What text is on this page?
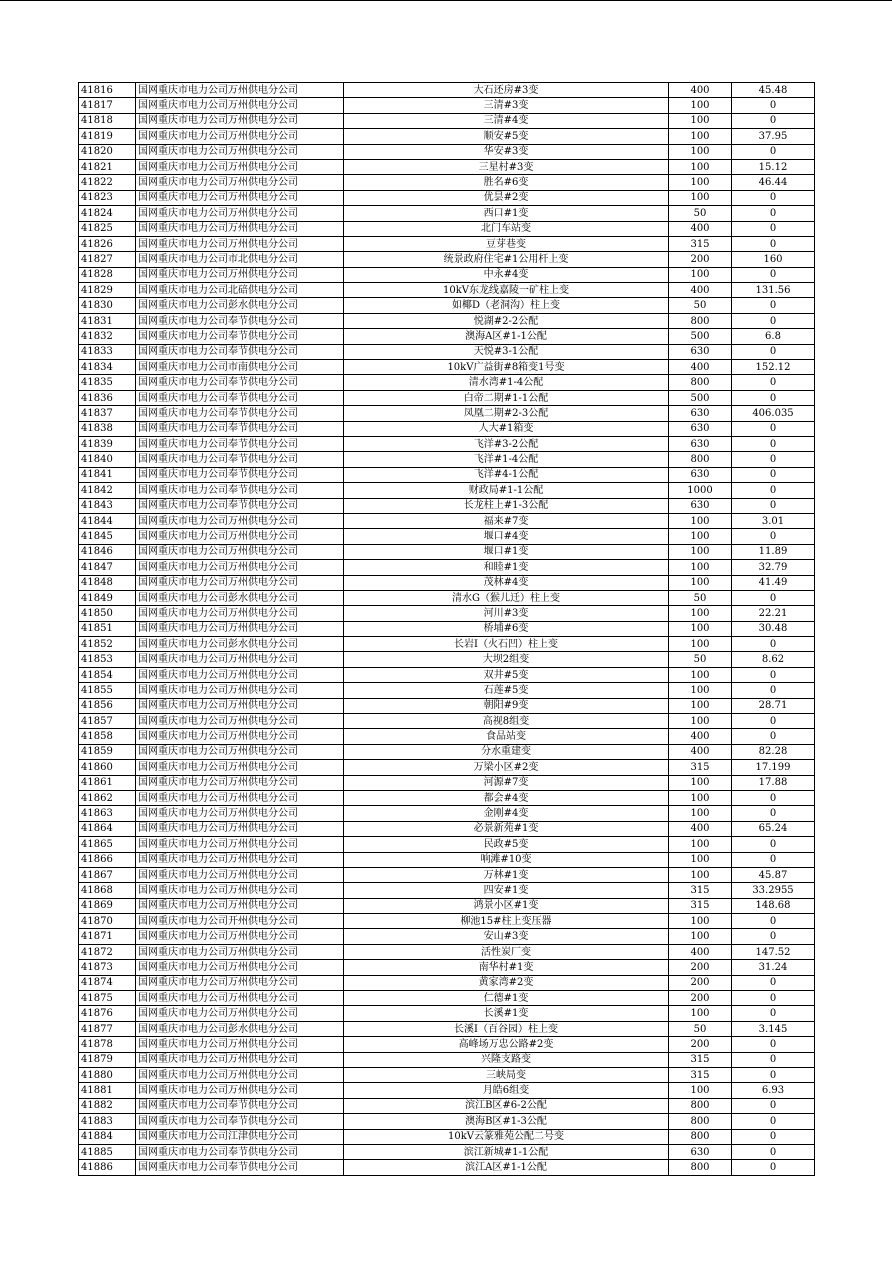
41816	国网重庆市电力公司万州供电分公司	大石还房#3变	400	45.48
41817	国网重庆市电力公司万州供电分公司	三清#3变	100	0
41818	国网重庆市电力公司万州供电分公司	三清#4变	100	0
41819	国网重庆市电力公司万州供电分公司	顺安#5变	100	37.95
41820	国网重庆市电力公司万州供电分公司	华安#3变	100	0
41821	国网重庆市电力公司万州供电分公司	三星村#3变	100	15.12
41822	国网重庆市电力公司万州供电分公司	胜名#6变	100	46.44
41823	国网重庆市电力公司万州供电分公司	优昙#2变	100	0
41824	国网重庆市电力公司万州供电分公司	西口#1变	50	0
41825	国网重庆市电力公司万州供电分公司	北门车站变	400	0
41826	国网重庆市电力公司万州供电分公司	豆芽巷变	315	0
41827	国网重庆市电力公司市北供电分公司	统景政府住宅#1公用杆上变	200	160
41828	国网重庆市电力公司万州供电分公司	中永#4变	100	0
41829	国网重庆市电力公司北碚供电分公司	10kV东龙线嘉陵一矿柱上变	400	131.56
41830	国网重庆市电力公司彭水供电分公司	如椰D（老洞沟）柱上变	50	0
41831	国网重庆市电力公司奉节供电分公司	悦湖#2-2公配	800	0
41832	国网重庆市电力公司奉节供电分公司	澳海A区#1-1公配	500	6.8
41833	国网重庆市电力公司奉节供电分公司	天悦#3-1公配	630	0
41834	国网重庆市电力公司市南供电分公司	10kV广益街#8箱变1号变	400	152.12
41835	国网重庆市电力公司奉节供电分公司	清水湾#1-4公配	800	0
41836	国网重庆市电力公司奉节供电分公司	白帝二期#1-1公配	500	0
41837	国网重庆市电力公司奉节供电分公司	凤凰二期#2-3公配	630	406.035
41838	国网重庆市电力公司奉节供电分公司	人大#1箱变	630	0
41839	国网重庆市电力公司奉节供电分公司	飞洋#3-2公配	630	0
41840	国网重庆市电力公司奉节供电分公司	飞洋#1-4公配	800	0
41841	国网重庆市电力公司奉节供电分公司	飞洋#4-1公配	630	0
41842	国网重庆市电力公司奉节供电分公司	财政局#1-1公配	1000	0
41843	国网重庆市电力公司奉节供电分公司	长龙柱上#1-3公配	630	0
41844	国网重庆市电力公司万州供电分公司	福来#7变	100	3.01
41845	国网重庆市电力公司万州供电分公司	堰口#4变	100	0
41846	国网重庆市电力公司万州供电分公司	堰口#1变	100	11.89
41847	国网重庆市电力公司万州供电分公司	和睦#1变	100	32.79
41848	国网重庆市电力公司万州供电分公司	茂林#4变	100	41.49
41849	国网重庆市电力公司彭水供电分公司	清水G（猴儿迁）柱上变	50	0
41850	国网重庆市电力公司万州供电分公司	河川#3变	100	22.21
41851	国网重庆市电力公司万州供电分公司	桥埔#6变	100	30.48
41852	国网重庆市电力公司彭水供电分公司	长岩I（火石凹）柱上变	100	0
41853	国网重庆市电力公司万州供电分公司	大坝2组变	50	8.62
41854	国网重庆市电力公司万州供电分公司	双井#5变	100	0
41855	国网重庆市电力公司万州供电分公司	石莲#5变	100	0
41856	国网重庆市电力公司万州供电分公司	朝阳#9变	100	28.71
41857	国网重庆市电力公司万州供电分公司	高视8组变	100	0
41858	国网重庆市电力公司万州供电分公司	食品站变	400	0
41859	国网重庆市电力公司万州供电分公司	分水重建变	400	82.28
41860	国网重庆市电力公司万州供电分公司	万梁小区#2变	315	17.199
41861	国网重庆市电力公司万州供电分公司	河源#7变	100	17.88
41862	国网重庆市电力公司万州供电分公司	都会#4变	100	0
41863	国网重庆市电力公司万州供电分公司	金刚#4变	100	0
41864	国网重庆市电力公司万州供电分公司	必景新苑#1变	400	65.24
41865	国网重庆市电力公司万州供电分公司	民政#5变	100	0
41866	国网重庆市电力公司万州供电分公司	响滩#10变	100	0
41867	国网重庆市电力公司万州供电分公司	万林#1变	100	45.87
41868	国网重庆市电力公司万州供电分公司	四安#1变	315	33.2955
41869	国网重庆市电力公司万州供电分公司	鸿景小区#1变	315	148.68
41870	国网重庆市电力公司开州供电分公司	柳池15#柱上变压器	100	0
41871	国网重庆市电力公司万州供电分公司	安山#3变	100	0
41872	国网重庆市电力公司万州供电分公司	活性炭厂变	400	147.52
41873	国网重庆市电力公司万州供电分公司	南华村#1变	200	31.24
41874	国网重庆市电力公司万州供电分公司	黄家湾#2变	200	0
41875	国网重庆市电力公司万州供电分公司	仁德#1变	200	0
41876	国网重庆市电力公司万州供电分公司	长溪#1变	100	0
41877	国网重庆市电力公司彭水供电分公司	长溪I（百谷园）柱上变	50	3.145
41878	国网重庆市电力公司万州供电分公司	高峰场万忠公路#2变	200	0
41879	国网重庆市电力公司万州供电分公司	兴隆支路变	315	0
41880	国网重庆市电力公司万州供电分公司	三峡局变	315	0
41881	国网重庆市电力公司万州供电分公司	月皓6组变	100	6.93
41882	国网重庆市电力公司奉节供电分公司	滨江B区#6-2公配	800	0
41883	国网重庆市电力公司奉节供电分公司	澳海B区#1-3公配	800	0
41884	国网重庆市电力公司江津供电分公司	10kV云篆雅苑公配二号变	800	0
41885	国网重庆市电力公司奉节供电分公司	滨江新城#1-1公配	630	0
41886	国网重庆市电力公司奉节供电分公司	滨江A区#1-1公配	800	0
